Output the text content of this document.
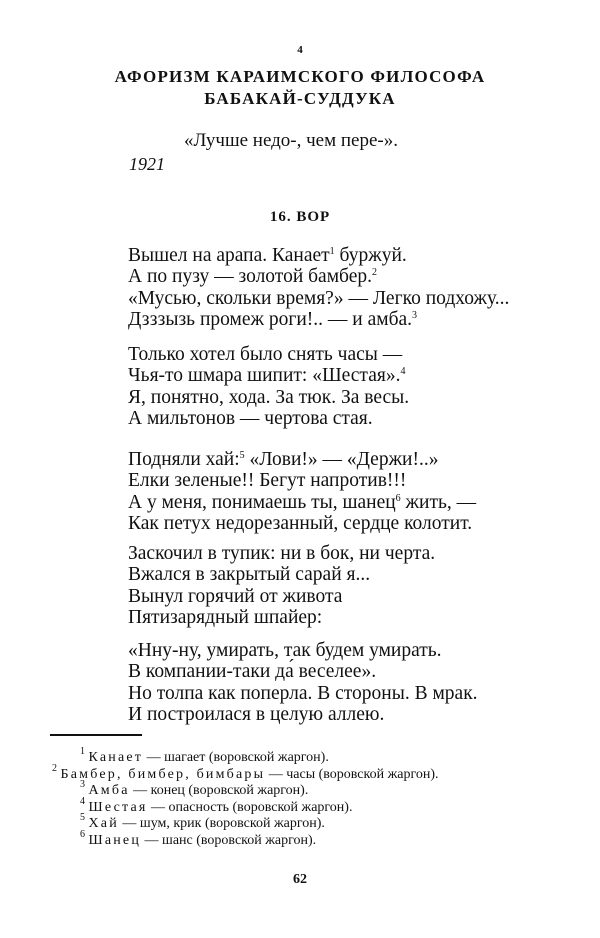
4
АФОРИЗМ КАРАИМСКОГО ФИЛОСОФА
БАБАКАЙ-СУДДУКА
«Лучше недо-, чем пере-».
1921
16. ВОР
Вышел на арапа. Канает$^1$ буржуй.
А по пузу — золотой бамбер.$^2$
«Мусью, скольки время?» — Легко подхожу...
Дзззызь промеж роги!.. — и амба.$^3$
Только хотел было снять часы —
Чья-то шмара шипит: «Шестая».$^4$
Я, понятно, хода. За тюк. За весы.
А мильтонов — чертова стая.
Подняли хай:$^5$ «Лови!» — «Держи!..»
Елки зеленые!! Бегут напротив!!!
А у меня, понимаешь ты, шанец$^6$ жить, —
Как петух недорезанный, сердце колотит.
Заскочил в тупик: ни в бок, ни черта.
Вжался в закрытый сарай я...
Вынул горячий от живота
Пятизарядный шпайер:
«Нну-ну, умирать, так будем умирать.
В компании-таки да́ веселее».
Но толпа как поперла. В стороны. В мрак.
И построилася в целую аллею.
$^1$ Канает — шагает (воровской жаргон).
$^2$ Бамбер, бимбер, бимбары — часы (воровской жаргон).
$^3$ Амба — конец (воровской жаргон).
$^4$ Шестая — опасность (воровской жаргон).
$^5$ Хай — шум, крик (воровской жаргон).
$^6$ Шанец — шанс (воровской жаргон).
62
